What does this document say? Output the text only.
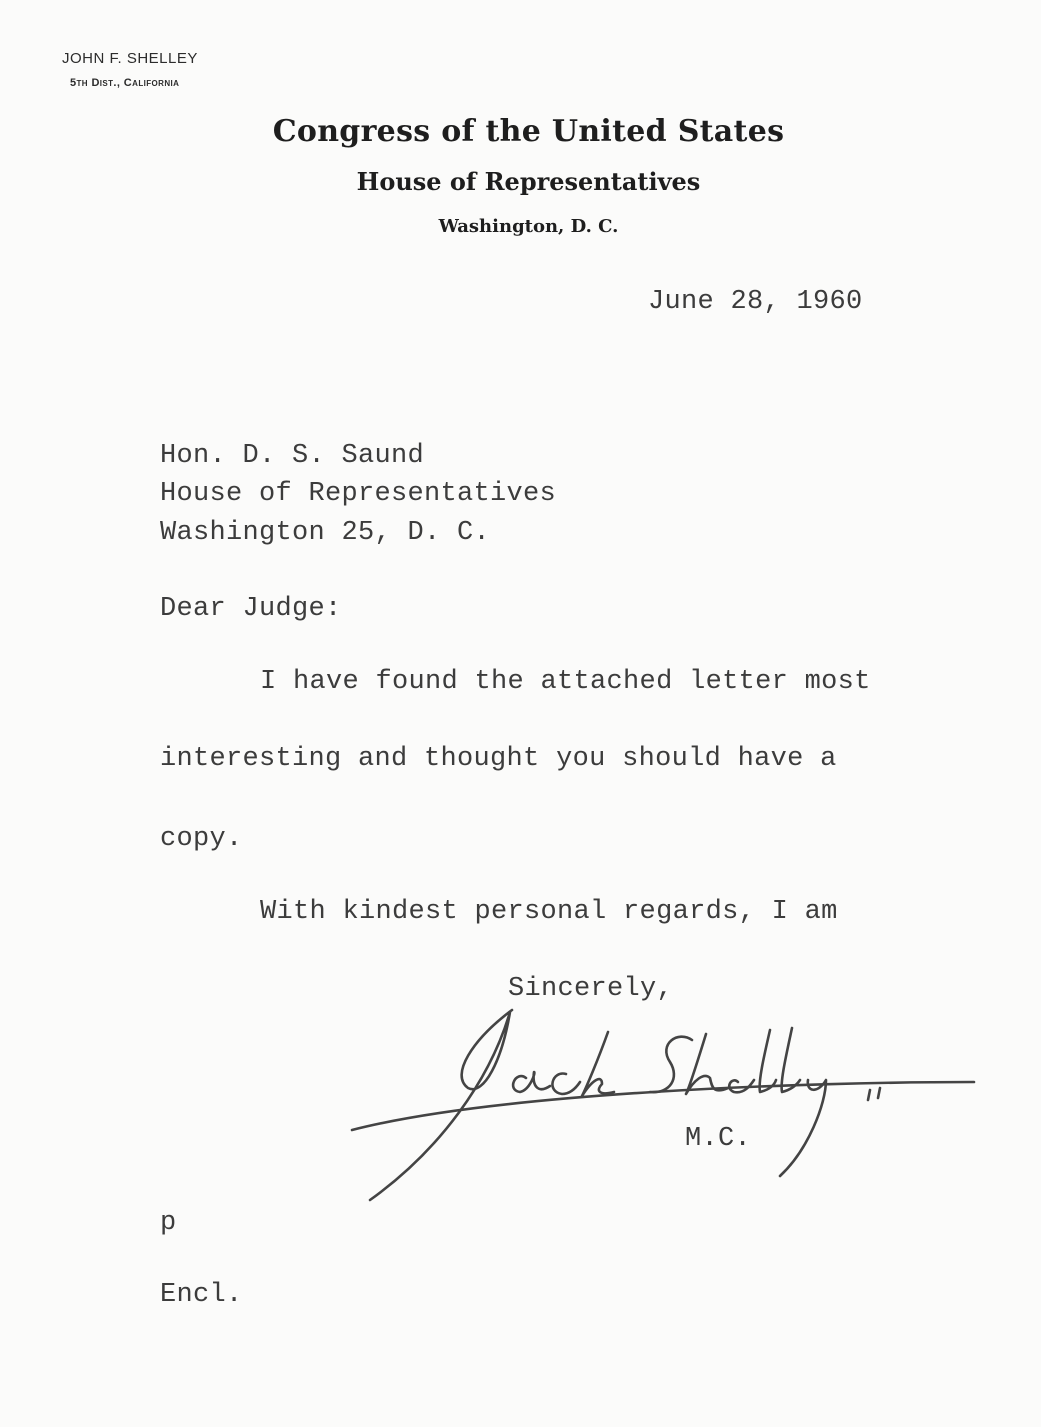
JOHN F. SHELLEY

5th Dist., California

Congress of the United States

House of Representatives

Washington, D. C.

June 28, 1960

Hon. D. S. Saund

House of Representatives

Washington 25, D. C.

Dear Judge:

I have found the attached letter most

interesting and thought you should have a

copy.

With kindest personal regards, I am

Sincerely,

M.C.

p

Encl.
